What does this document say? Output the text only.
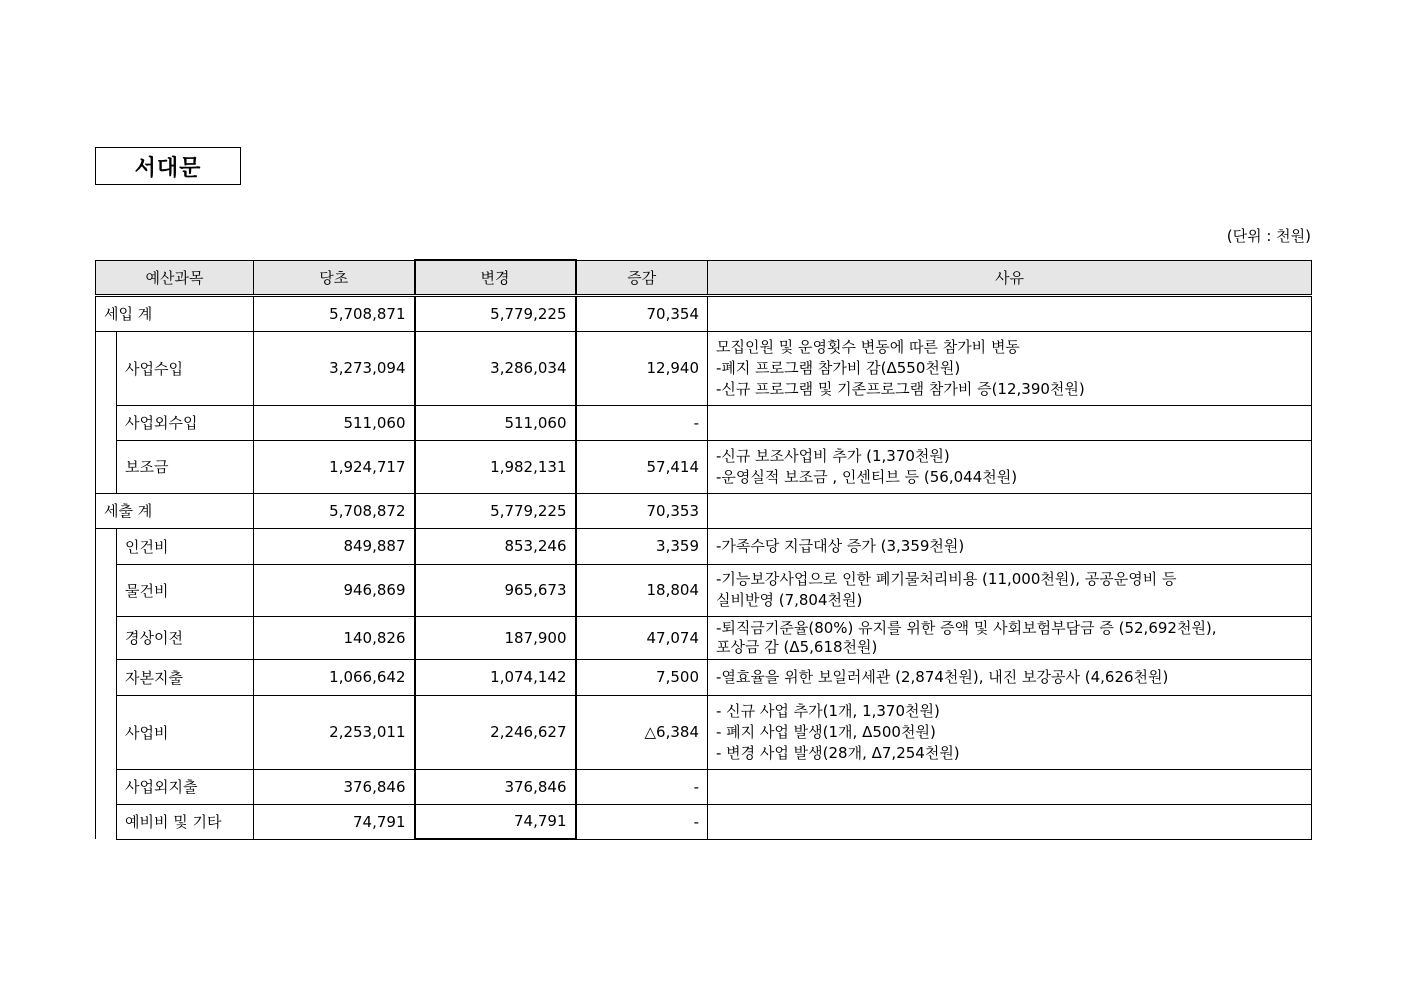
서대문
(단위 : 천원)
예산과목		당초	변경	증감	사유
세입 계		5,708,871	5,779,225	70,354	
	사업수입	3,273,094	3,286,034	12,940	모집인원 및 운영횟수 변동에 따른 참가비 변동
-폐지 프로그램 참가비 감(Δ550천원)
-신규 프로그램 및 기존프로그램 참가비 증(12,390천원)

	사업외수입	511,060	511,060	-	
	보조금	1,924,717	1,982,131	57,414	-신규 보조사업비 추가 (1,370천원)
-운영실적 보조금 , 인센티브 등 (56,044천원)

세출 계		5,708,872	5,779,225	70,353	
	인건비	849,887	853,246	3,359	-가족수당 지급대상 증가 (3,359천원)

	물건비	946,869	965,673	18,804	-기능보강사업으로 인한 폐기물처리비용 (11,000천원), 공공운영비 등
실비반영 (7,804천원)

	경상이전	140,826	187,900	47,074	-퇴직금기준율(80%) 유지를 위한 증액 및 사회보험부담금 증 (52,692천원),
포상금 감 (Δ5,618천원)

	자본지출	1,066,642	1,074,142	7,500	-열효율을 위한 보일러세관 (2,874천원), 내진 보강공사 (4,626천원)

	사업비	2,253,011	2,246,627	△6,384	- 신규 사업 추가(1개, 1,370천원)
- 폐지 사업 발생(1개, Δ500천원)
- 변경 사업 발생(28개, Δ7,254천원)

	사업외지출	376,846	376,846	-	
	예비비 및 기타	74,791	74,791	-	
